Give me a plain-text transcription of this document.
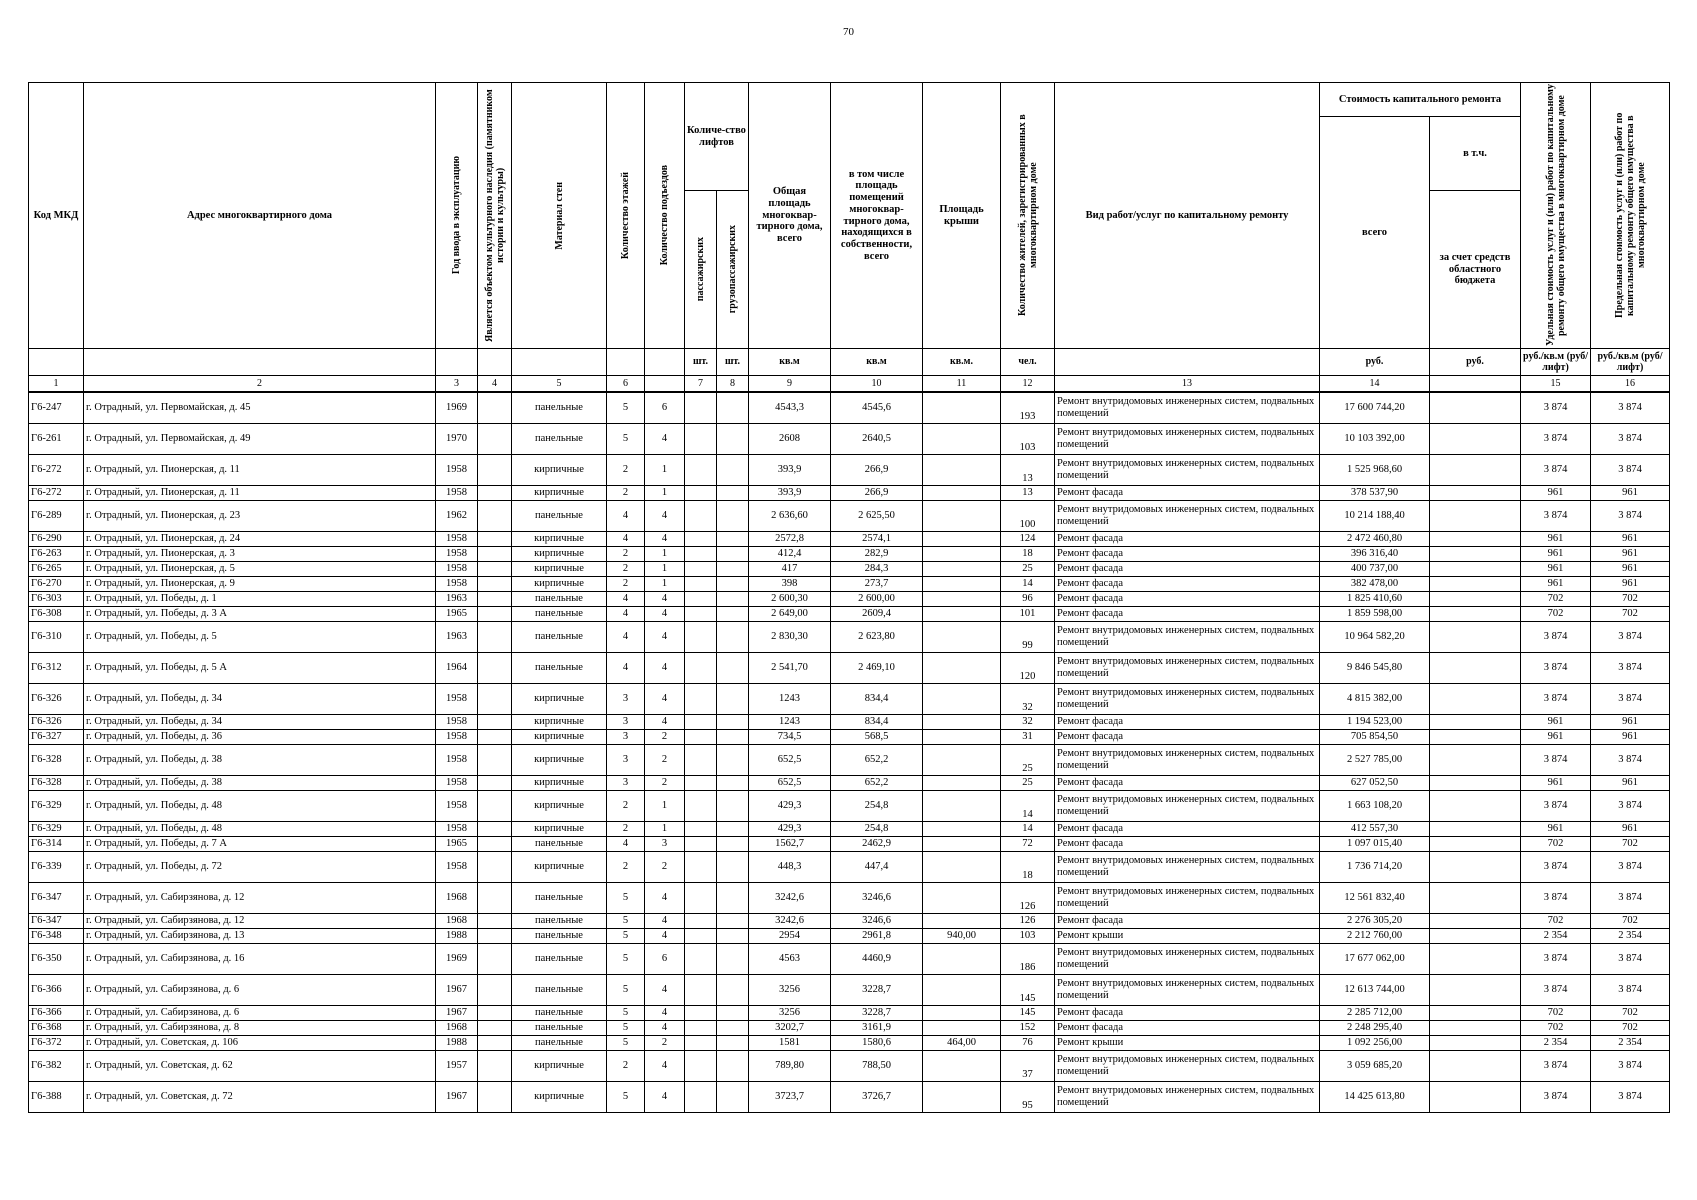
70
Код МКД	Адрес многоквартирного дома	Год ввода в эксплуатацию	Является объектом культурного наследия (памятником истории и культуры)	Материал стен	Количество этажей	Количество подъездов	Количе-ство лифтов		Общая площадь многоквар-тирного дома, всего	в том числе площадь помещений многоквар-тирного дома, находящихся в собственности, всего	Площадь крыши	Количество жителей, зарегистрированных в многоквартирном доме	Вид работ/услуг по капитальному ремонту	Стоимость капитального ремонта		Удельная стоимость услуг и (или) работ по капитальному ремонту общего имущества в многоквартирном доме	Предельная стоимость услуг и (или) работ по капитальному ремонту общего имущества в многоквартирном доме

														всего	в т.ч.		

							пассажирских	грузопассажирских							за счет средств областного бюджета		
							шт.	шт.	кв.м	кв.м	кв.м.	чел.		руб.	руб.	руб./кв.м (руб/лифт)	руб./кв.м (руб/лифт)
1	2	3	4	5	6		7	8	9	10	11	12	13	14		15	16
Г6-247	г. Отрадный, ул. Первомайская, д. 45	1969		панельные	5	6			4543,3	4545,6		193	Ремонт внутридомовых инженерных систем, подвальных помещений	17 600 744,20		3 874	3 874
Г6-261	г. Отрадный, ул. Первомайская, д. 49	1970		панельные	5	4			2608	2640,5		103	Ремонт внутридомовых инженерных систем, подвальных помещений	10 103 392,00		3 874	3 874
Г6-272	г. Отрадный, ул. Пионерская, д. 11	1958		кирпичные	2	1			393,9	266,9		13	Ремонт внутридомовых инженерных систем, подвальных помещений	1 525 968,60		3 874	3 874
Г6-272	г. Отрадный, ул. Пионерская, д. 11	1958		кирпичные	2	1			393,9	266,9		13	Ремонт фасада	378 537,90		961	961
Г6-289	г. Отрадный, ул. Пионерская, д. 23	1962		панельные	4	4			2 636,60	2 625,50		100	Ремонт внутридомовых инженерных систем, подвальных помещений	10 214 188,40		3 874	3 874
Г6-290	г. Отрадный, ул. Пионерская, д. 24	1958		кирпичные	4	4			2572,8	2574,1		124	Ремонт фасада	2 472 460,80		961	961
Г6-263	г. Отрадный, ул. Пионерская, д. 3	1958		кирпичные	2	1			412,4	282,9		18	Ремонт фасада	396 316,40		961	961
Г6-265	г. Отрадный, ул. Пионерская, д. 5	1958		кирпичные	2	1			417	284,3		25	Ремонт фасада	400 737,00		961	961
Г6-270	г. Отрадный, ул. Пионерская, д. 9	1958		кирпичные	2	1			398	273,7		14	Ремонт фасада	382 478,00		961	961
Г6-303	г. Отрадный, ул. Победы, д. 1	1963		панельные	4	4			2 600,30	2 600,00		96	Ремонт фасада	1 825 410,60		702	702
Г6-308	г. Отрадный, ул. Победы, д. 3 А	1965		панельные	4	4			2 649,00	2609,4		101	Ремонт фасада	1 859 598,00		702	702
Г6-310	г. Отрадный, ул. Победы, д. 5	1963		панельные	4	4			2 830,30	2 623,80		99	Ремонт внутридомовых инженерных систем, подвальных помещений	10 964 582,20		3 874	3 874
Г6-312	г. Отрадный, ул. Победы, д. 5 А	1964		панельные	4	4			2 541,70	2 469,10		120	Ремонт внутридомовых инженерных систем, подвальных помещений	9 846 545,80		3 874	3 874
Г6-326	г. Отрадный, ул. Победы, д. 34	1958		кирпичные	3	4			1243	834,4		32	Ремонт внутридомовых инженерных систем, подвальных помещений	4 815 382,00		3 874	3 874
Г6-326	г. Отрадный, ул. Победы, д. 34	1958		кирпичные	3	4			1243	834,4		32	Ремонт фасада	1 194 523,00		961	961
Г6-327	г. Отрадный, ул. Победы, д. 36	1958		кирпичные	3	2			734,5	568,5		31	Ремонт фасада	705 854,50		961	961
Г6-328	г. Отрадный, ул. Победы, д. 38	1958		кирпичные	3	2			652,5	652,2		25	Ремонт внутридомовых инженерных систем, подвальных помещений	2 527 785,00		3 874	3 874
Г6-328	г. Отрадный, ул. Победы, д. 38	1958		кирпичные	3	2			652,5	652,2		25	Ремонт фасада	627 052,50		961	961
Г6-329	г. Отрадный, ул. Победы, д. 48	1958		кирпичные	2	1			429,3	254,8		14	Ремонт внутридомовых инженерных систем, подвальных помещений	1 663 108,20		3 874	3 874
Г6-329	г. Отрадный, ул. Победы, д. 48	1958		кирпичные	2	1			429,3	254,8		14	Ремонт фасада	412 557,30		961	961
Г6-314	г. Отрадный, ул. Победы, д. 7 А	1965		панельные	4	3			1562,7	2462,9		72	Ремонт фасада	1 097 015,40		702	702
Г6-339	г. Отрадный, ул. Победы, д. 72	1958		кирпичные	2	2			448,3	447,4		18	Ремонт внутридомовых инженерных систем, подвальных помещений	1 736 714,20		3 874	3 874
Г6-347	г. Отрадный, ул. Сабирзянова, д. 12	1968		панельные	5	4			3242,6	3246,6		126	Ремонт внутридомовых инженерных систем, подвальных помещений	12 561 832,40		3 874	3 874
Г6-347	г. Отрадный, ул. Сабирзянова, д. 12	1968		панельные	5	4			3242,6	3246,6		126	Ремонт фасада	2 276 305,20		702	702
Г6-348	г. Отрадный, ул. Сабирзянова, д. 13	1988		панельные	5	4			2954	2961,8	940,00	103	Ремонт крыши	2 212 760,00		2 354	2 354
Г6-350	г. Отрадный, ул. Сабирзянова, д. 16	1969		панельные	5	6			4563	4460,9		186	Ремонт внутридомовых инженерных систем, подвальных помещений	17 677 062,00		3 874	3 874
Г6-366	г. Отрадный, ул. Сабирзянова, д. 6	1967		панельные	5	4			3256	3228,7		145	Ремонт внутридомовых инженерных систем, подвальных помещений	12 613 744,00		3 874	3 874
Г6-366	г. Отрадный, ул. Сабирзянова, д. 6	1967		панельные	5	4			3256	3228,7		145	Ремонт фасада	2 285 712,00		702	702
Г6-368	г. Отрадный, ул. Сабирзянова, д. 8	1968		панельные	5	4			3202,7	3161,9		152	Ремонт фасада	2 248 295,40		702	702
Г6-372	г. Отрадный, ул. Советская, д. 106	1988		панельные	5	2			1581	1580,6	464,00	76	Ремонт крыши	1 092 256,00		2 354	2 354
Г6-382	г. Отрадный, ул. Советская, д. 62	1957		кирпичные	2	4			789,80	788,50		37	Ремонт внутридомовых инженерных систем, подвальных помещений	3 059 685,20		3 874	3 874
Г6-388	г. Отрадный, ул. Советская, д. 72	1967		кирпичные	5	4			3723,7	3726,7		95	Ремонт внутридомовых инженерных систем, подвальных помещений	14 425 613,80		3 874	3 874
